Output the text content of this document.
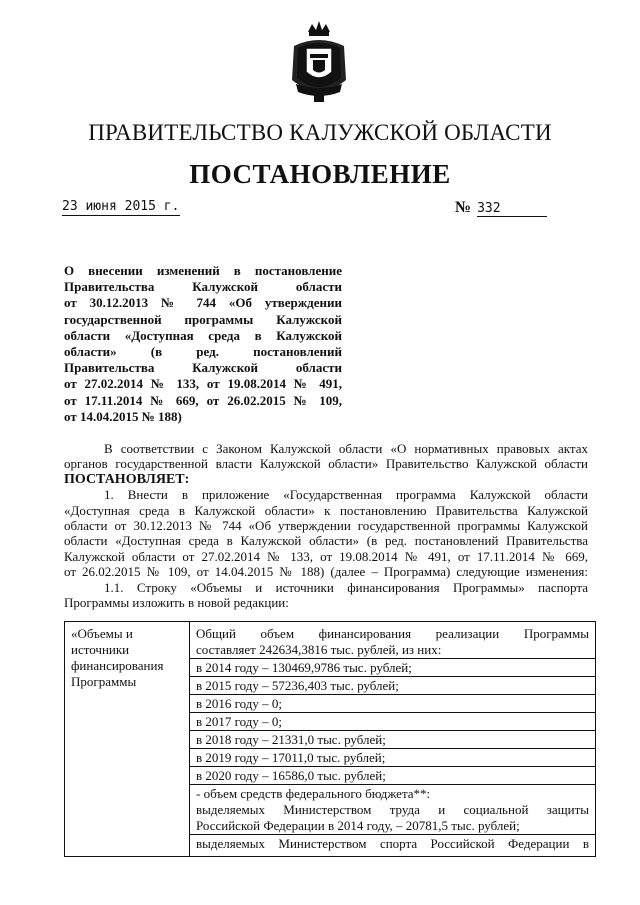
ПРАВИТЕЛЬСТВО КАЛУЖСКОЙ ОБЛАСТИ
ПОСТАНОВЛЕНИЕ
23 июня 2015 г.	№ 332
О внесении изменений в постановление
Правительства Калужской области
от 30.12.2013 № 744 «Об утверждении
государственной программы Калужской
области «Доступная среда в Калужской
области» (в ред. постановлений
Правительства Калужской области
от 27.02.2014 № 133, от 19.08.2014 № 491,
от 17.11.2014 № 669, от 26.02.2015 № 109,
от 14.04.2015 № 188)
В соответствии с Законом Калужской области «О нормативных правовых актах
органов государственной власти Калужской области» Правительство Калужской области
ПОСТАНОВЛЯЕТ:
1. Внести в приложение «Государственная программа Калужской области
«Доступная среда в Калужской области» к постановлению Правительства Калужской
области от 30.12.2013 № 744 «Об утверждении государственной программы Калужской
области «Доступная среда в Калужской области» (в ред. постановлений Правительства
Калужской области от 27.02.2014 № 133, от 19.08.2014 № 491, от 17.11.2014 № 669,
от 26.02.2015 № 109, от 14.04.2015 № 188) (далее – Программа) следующие изменения:
1.1. Строку «Объемы и источники финансирования Программы» паспорта
Программы изложить в новой редакции:
«Объемы и
источники
финансирования
Программы

Общий объем финансирования реализации Программы
составляет 242634,3816 тыс. рублей, из них:
в 2014 году – 130469,9786 тыс. рублей;
в 2015 году – 57236,403 тыс. рублей;
в 2016 году – 0;
в 2017 году – 0;
в 2018 году – 21331,0 тыс. рублей;
в 2019 году – 17011,0 тыс. рублей;
в 2020 году – 16586,0 тыс. рублей;
- объем средств федерального бюджета**:
выделяемых Министерством труда и социальной защиты
Российской Федерации в 2014 году, – 20781,5 тыс. рублей;
выделяемых Министерством спорта Российской Федерации в
